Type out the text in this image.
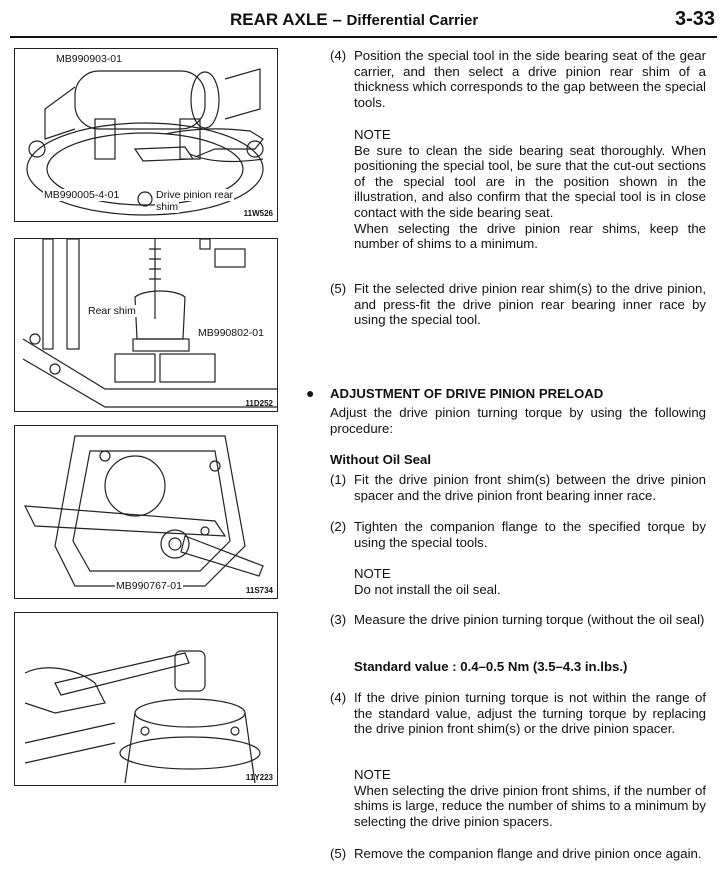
REAR AXLE – Differential Carrier	3-33
MB990903-01
MB990005-4-01	Drive pinion rear
shim
11W526
Rear shim
MB990802-01
11D252
MB990767-01	11S734
11Y223
(4) Position the special tool in the side bearing seat of the gear carrier, and then select a drive pinion rear shim of a thickness which corresponds to the gap between the special tools.
NOTE
Be sure to clean the side bearing seat thoroughly. When positioning the special tool, be sure that the cut-out sections of the special tool are in the position shown in the illustration, and also confirm that the special tool is in close contact with the side bearing seat.
When selecting the drive pinion rear shims, keep the number of shims to a minimum.
(5) Fit the selected drive pinion rear shim(s) to the drive pinion, and press-fit the drive pinion rear bearing inner race by using the special tool.
ADJUSTMENT OF DRIVE PINION PRELOAD
Adjust the drive pinion turning torque by using the following procedure:
Without Oil Seal
(1) Fit the drive pinion front shim(s) between the drive pinion spacer and the drive pinion front bearing inner race.
(2) Tighten the companion flange to the specified torque by using the special tools.
NOTE
Do not install the oil seal.
(3) Measure the drive pinion turning torque (without the oil seal)
Standard value : 0.4–0.5 Nm (3.5–4.3 in.lbs.)
(4) If the drive pinion turning torque is not within the range of the standard value, adjust the turning torque by replacing the drive pinion front shim(s) or the drive pinion spacer.
NOTE
When selecting the drive pinion front shims, if the number of shims is large, reduce the number of shims to a minimum by selecting the drive pinion spacers.
(5) Remove the companion flange and drive pinion once again.
●
